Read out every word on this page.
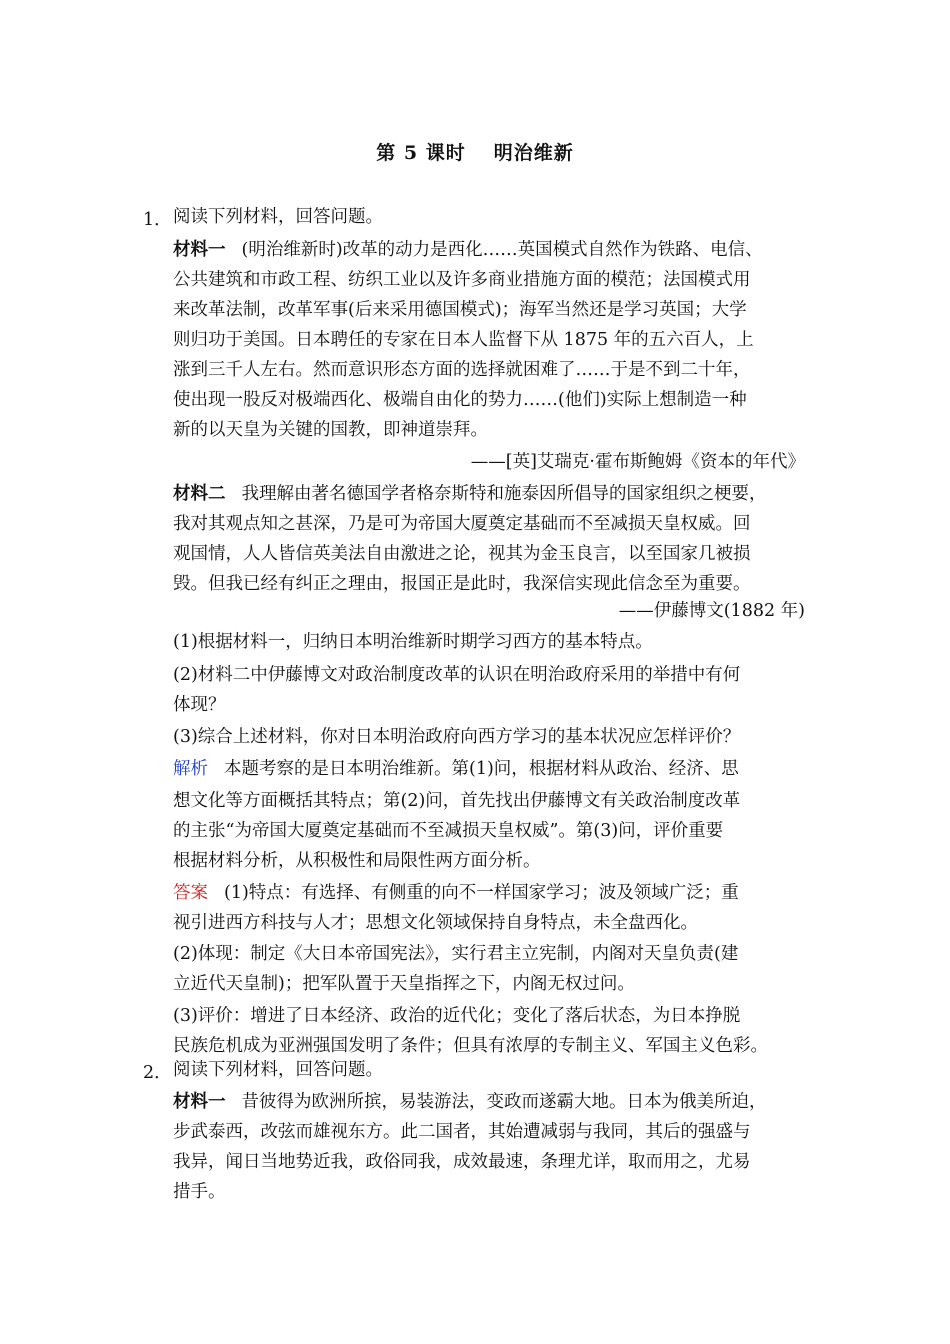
第 5 课时 明治维新
1． 阅读下列材料，回答问题。
材料一 (明治维新时)改革的动力是西化……英国模式自然作为铁路、电信、
公共建筑和市政工程、纺织工业以及许多商业措施方面的模范；法国模式用
来改革法制，改革军事(后来采用德国模式)；海军当然还是学习英国；大学
则归功于美国。日本聘任的专家在日本人监督下从 1875 年的五六百人，上
涨到三千人左右。然而意识形态方面的选择就困难了……于是不到二十年，
使出现一股反对极端西化、极端自由化的势力……(他们)实际上想制造一种
新的以天皇为关键的国教，即神道崇拜。
——[英]艾瑞克·霍布斯鲍姆《资本的年代》
材料二 我理解由著名德国学者格奈斯特和施泰因所倡导的国家组织之梗要，
我对其观点知之甚深，乃是可为帝国大厦奠定基础而不至减损天皇权威。回
观国情，人人皆信英美法自由激进之论，视其为金玉良言，以至国家几被损
毁。但我已经有纠正之理由，报国正是此时，我深信实现此信念至为重要。
——伊藤博文(1882 年)
(1)根据材料一，归纳日本明治维新时期学习西方的基本特点。
(2)材料二中伊藤博文对政治制度改革的认识在明治政府采用的举措中有何
体现？
(3)综合上述材料，你对日本明治政府向西方学习的基本状况应怎样评价？
解析 本题考察的是日本明治维新。第(1)问，根据材料从政治、经济、思
想文化等方面概括其特点；第(2)问，首先找出伊藤博文有关政治制度改革
的主张“为帝国大厦奠定基础而不至减损天皇权威”。第(3)问，评价重要
根据材料分析，从积极性和局限性两方面分析。
答案 (1)特点：有选择、有侧重的向不一样国家学习；波及领域广泛；重
视引进西方科技与人才；思想文化领域保持自身特点，未全盘西化。
(2)体现：制定《大日本帝国宪法》，实行君主立宪制，内阁对天皇负责(建
立近代天皇制)；把军队置于天皇指挥之下，内阁无权过问。
(3)评价：增进了日本经济、政治的近代化；变化了落后状态，为日本挣脱
民族危机成为亚洲强国发明了条件；但具有浓厚的专制主义、军国主义色彩。
2． 阅读下列材料，回答问题。
材料一 昔彼得为欧洲所摈，易装游法，变政而遂霸大地。日本为俄美所迫，
步武泰西，改弦而雄视东方。此二国者，其始遭减弱与我同，其后的强盛与
我异，闻日当地势近我，政俗同我，成效最速，条理尤详，取而用之，尤易
措手。
